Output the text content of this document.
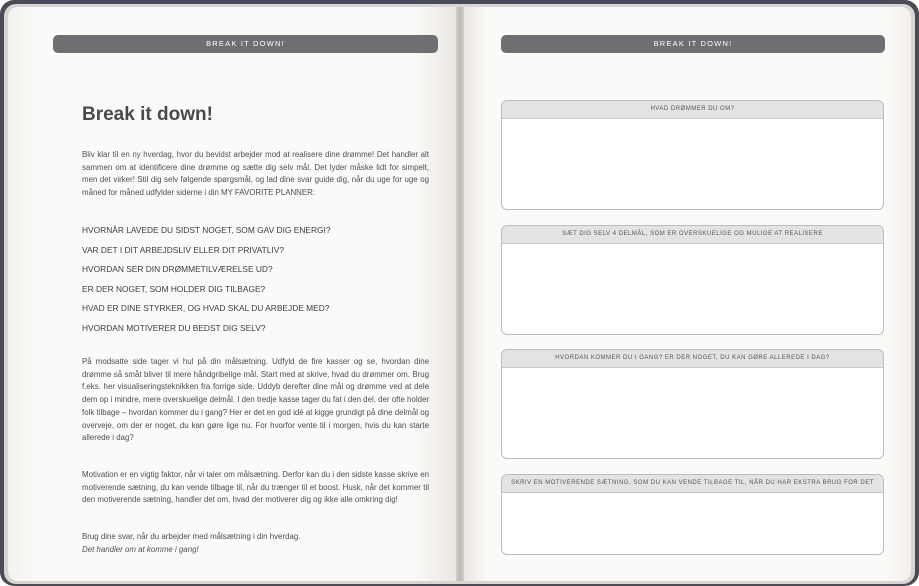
BREAK IT DOWN!
Break it down!

Bliv klar til en ny hverdag, hvor du bevidst arbejder mod at realisere dine drømme! Det handler alt sammen om at identificere dine drømme og sætte dig selv mål. Det lyder måske lidt for simpelt, men det virker! Stil dig selv følgende spørgsmål, og lad dine svar guide dig, når du uge for uge og måned for måned udfylder siderne i din MY FAVORITE PLANNER:

HVORNÅR LAVEDE DU SIDST NOGET, SOM GAV DIG ENERGI?
VAR DET I DIT ARBEJDSLIV ELLER DIT PRIVATLIV?
HVORDAN SER DIN DRØMMETILVÆRELSE UD?
ER DER NOGET, SOM HOLDER DIG TILBAGE?
HVAD ER DINE STYRKER, OG HVAD SKAL DU ARBEJDE MED?
HVORDAN MOTIVERER DU BEDST DIG SELV?

På modsatte side tager vi hul på din målsætning. Udfyld de fire kasser og se, hvordan dine drømme så småt bliver til mere håndgribelige mål. Start med at skrive, hvad du drømmer om. Brug f.eks. her visualiseringsteknikken fra forrige side. Uddyb derefter dine mål og drømme ved at dele dem op i mindre, mere overskuelige delmål. I den tredje kasse tager du fat i den del, der ofte holder folk tilbage – hvordan kommer du i gang? Her er det en god idé at kigge grundigt på dine delmål og overveje, om der er noget, du kan gøre lige nu. For hvorfor vente til i morgen, hvis du kan starte allerede i dag?

Motivation er en vigtig faktor, når vi taler om målsætning. Derfor kan du i den sidste kasse skrive en motiverende sætning, du kan vende tilbage til, når du trænger til et boost. Husk, når det kommer til den motiverende sætning, handler det om, hvad der motiverer dig og ikke alle omkring dig!

Brug dine svar, når du arbejder med målsætning i din hverdag.
Det handler om at komme i gang!

BREAK IT DOWN!
HVAD DRØMMER DU OM?
SÆT DIG SELV 4 DELMÅL, SOM ER OVERSKUELIGE OG MULIGE AT REALISERE
HVORDAN KOMMER DU I GANG? ER DER NOGET, DU KAN GØRE ALLEREDE I DAG?
SKRIV EN MOTIVERENDE SÆTNING, SOM DU KAN VENDE TILBAGE TIL, NÅR DU HAR EKSTRA BRUG FOR DET
